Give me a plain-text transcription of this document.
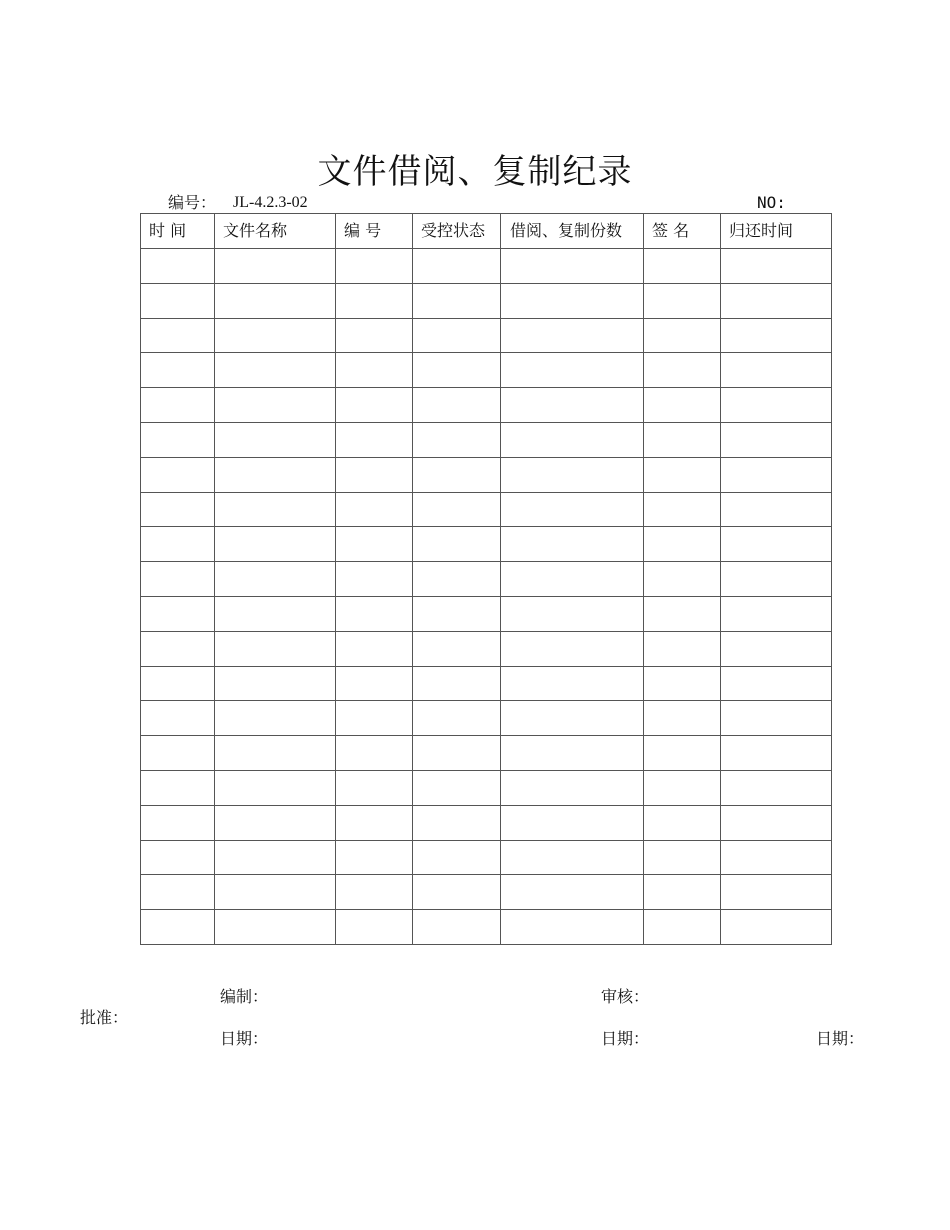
文件借阅、复制纪录
编号： JL-4.2.3-02	NO:
时 间	文件名称	编 号	受控状态	借阅、复制份数	签 名	归还时间

编制：	审核：
批准：
日期：	日期：	日期：
